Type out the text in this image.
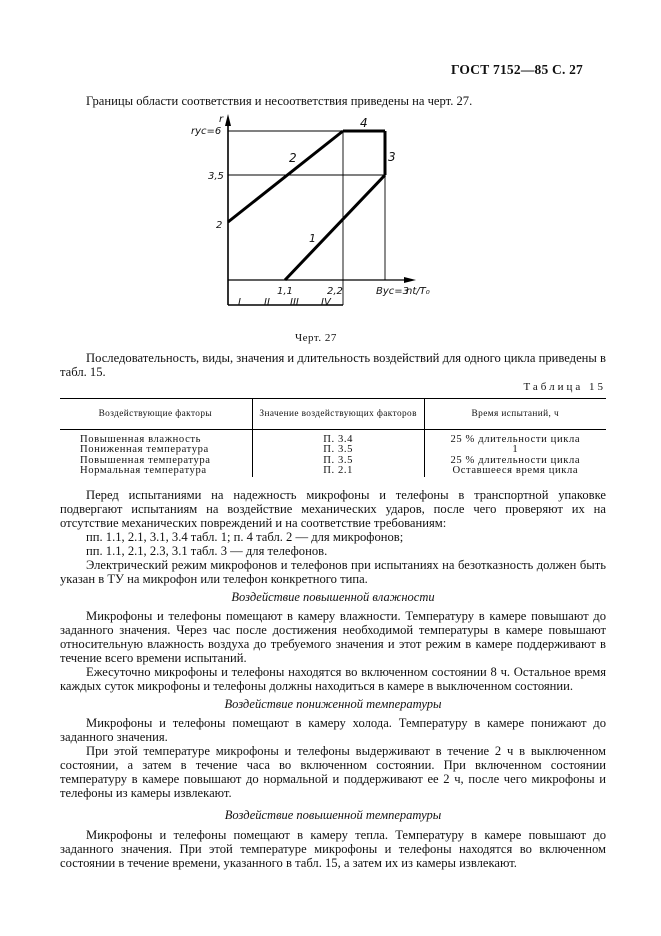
ГОСТ 7152—85 С. 27
Границы области соответствия и несоответствия приведены на черт. 27.
r
rус=6
3,5
2
1
2	3
4
1,1	2,2	Bус=3
nt/T₀
I II III IV
Черт. 27
Последовательность, виды, значения и длительность воздействий для одного цикла приведены в табл. 15.
Таблица 15
Воздействующие факторы	Значение воздействующих факторов	Время испытаний, ч
Повышенная влажность	П. 3.4	25 % длительности цикла
Пониженная температура	П. 3.5	1
Повышенная температура	П. 3.5	25 % длительности цикла
Нормальная температура	П. 2.1	Оставшееся время цикла
Перед испытаниями на надежность микрофоны и телефоны в транспортной упаковке подвергают испытаниям на воздействие механических ударов, после чего проверяют их на отсутствие механических повреждений и на соответствие требованиям:
пп. 1.1, 2.1, 3.1, 3.4 табл. 1; п. 4 табл. 2 — для микрофонов;
пп. 1.1, 2.1, 2.3, 3.1 табл. 3 — для телефонов.
Электрический режим микрофонов и телефонов при испытаниях на безотказность должен быть указан в ТУ на микрофон или телефон конкретного типа.
Воздействие повышенной влажности
Микрофоны и телефоны помещают в камеру влажности. Температуру в камере повышают до заданного значения. Через час после достижения необходимой температуры в камере повышают относительную влажность воздуха до требуемого значения и этот режим в камере поддерживают в течение всего времени испытаний.
Ежесуточно микрофоны и телефоны находятся во включенном состоянии 8 ч. Остальное время каждых суток микрофоны и телефоны должны находиться в камере в выключенном состоянии.
Воздействие пониженной температуры
Микрофоны и телефоны помещают в камеру холода. Температуру в камере понижают до заданного значения.
При этой температуре микрофоны и телефоны выдерживают в течение 2 ч в выключенном состоянии, а затем в течение часа во включенном состоянии. При включенном состоянии температуру в камере повышают до нормальной и поддерживают ее 2 ч, после чего микрофоны и телефоны из камеры извлекают.
Воздействие повышенной температуры
Микрофоны и телефоны помещают в камеру тепла. Температуру в камере повышают до заданного значения. При этой температуре микрофоны и телефоны находятся во включенном состоянии в течение времени, указанного в табл. 15, а затем их из камеры извлекают.
